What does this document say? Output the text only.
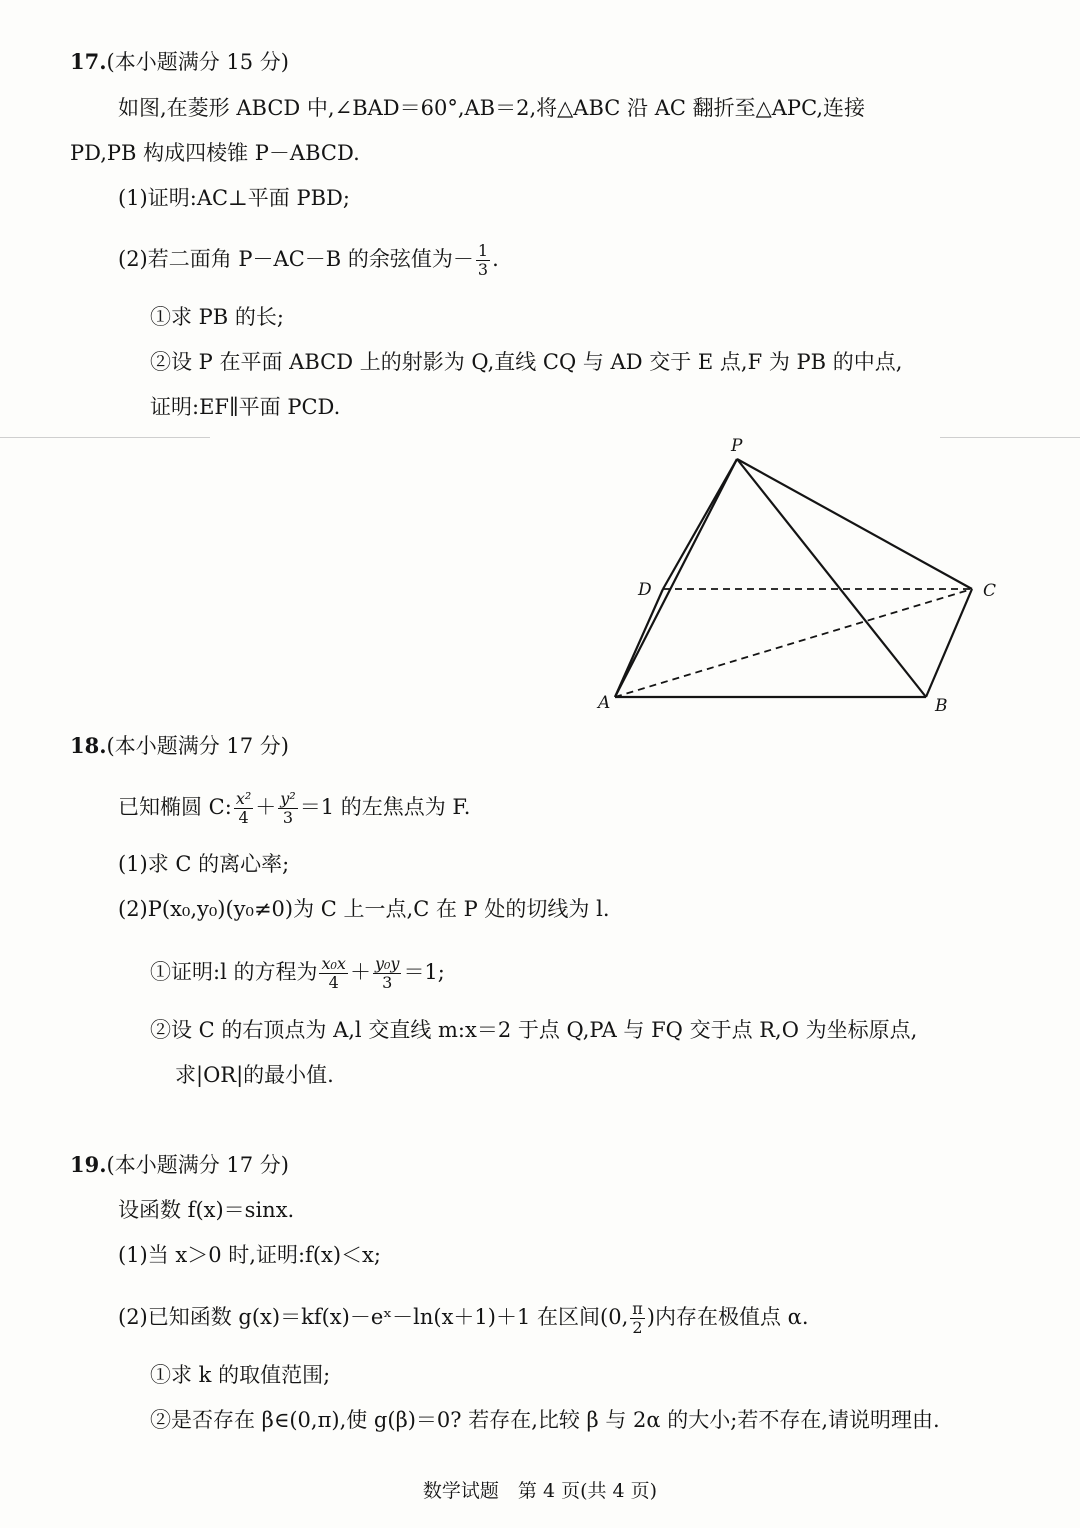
17.(本小题满分 15 分)
如图,在菱形 ABCD 中,∠BAD＝60°,AB＝2,将△ABC 沿 AC 翻折至△APC,连接
PD,PB 构成四棱锥 P－ABCD.
(1)证明:AC⊥平面 PBD;
(2)若二面角 P－AC－B 的余弦值为－ $\frac{1}{3}$ .
①求 PB 的长;
②设 P 在平面 ABCD 上的射影为 Q,直线 CQ 与 AD 交于 E 点,F 为 PB 的中点,
证明:EF∥平面 PCD.
P
D	C
A	B
18.(本小题满分 17 分)
已知椭圆 C: $\frac{\text{x²}}{4} + \frac{\text{y²}}{3} =1$ 的左焦点为 F.
(1)求 C 的离心率;
(2)P(x₀,y₀)(y₀≠0)为 C 上一点,C 在 P 处的切线为 l.
①证明:l 的方程为 $\frac{\text{x₀x}}{4} + \frac{\text{y₀y}}{3} =1$;
②设 C 的右顶点为 A,l 交直线 m:x＝2 于点 Q,PA 与 FQ 交于点 R,O 为坐标原点,
求|OR|的最小值.
19.(本小题满分 17 分)
设函数 f(x)＝sinx.
(1)当 x＞0 时,证明:f(x)＜x;
(2)已知函数 g(x)＝kf(x)－eˣ－ln(x＋1)＋1 在区间(0, $\frac{\pi}{2}$ )内存在极值点 α.
①求 k 的取值范围;
②是否存在 β∈(0,π),使 g(β)＝0? 若存在,比较 β 与 2α 的大小;若不存在,请说明理由.
数学试题　第 4 页(共 4 页)
